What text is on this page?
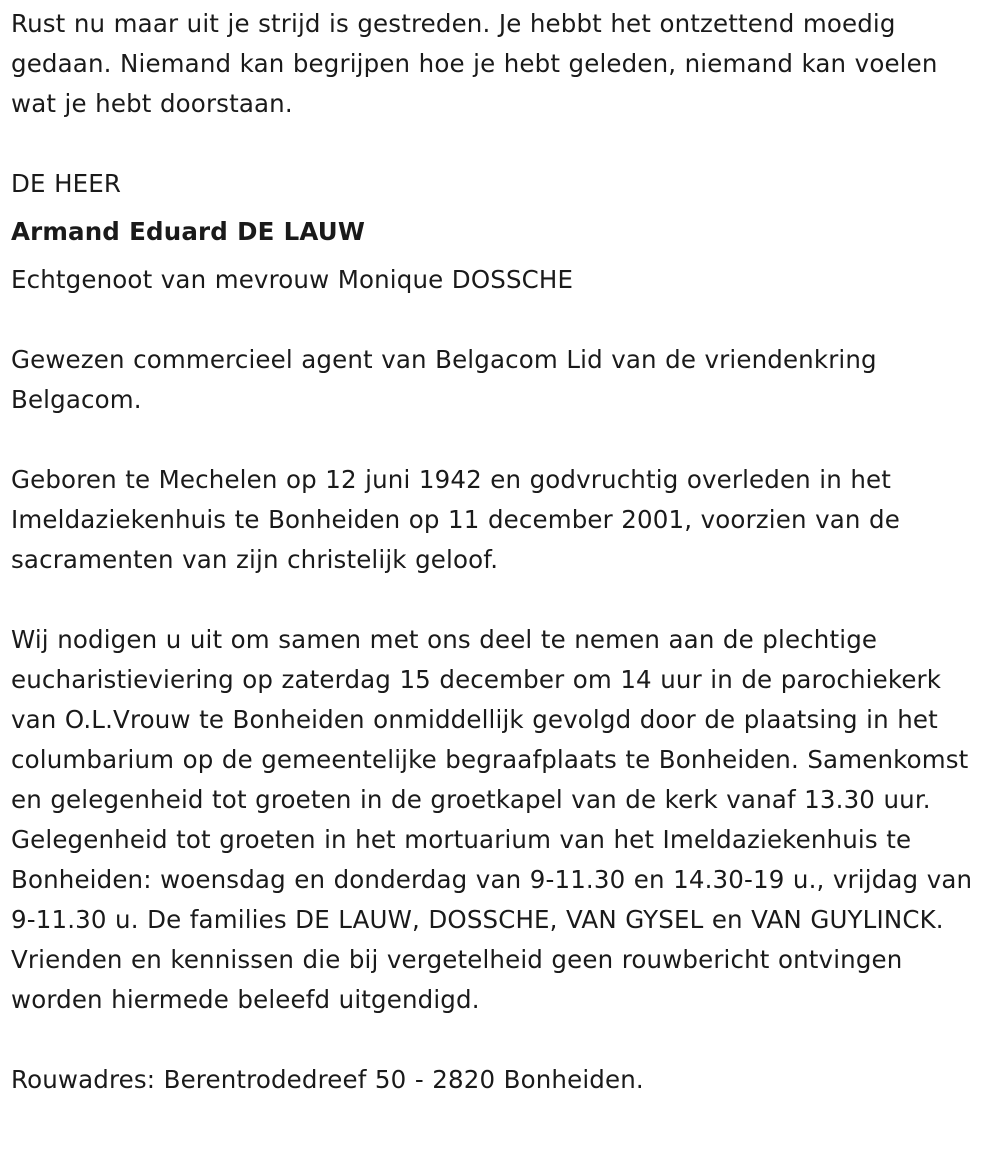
Rust nu maar uit je strijd is gestreden. Je hebbt het ontzettend moedig gedaan. Niemand kan begrijpen hoe je hebt geleden, niemand kan voelen wat je hebt doorstaan.

DE HEER

Armand Eduard DE LAUW

Echtgenoot van mevrouw Monique DOSSCHE

Gewezen commercieel agent van Belgacom Lid van de vriendenkring Belgacom.

Geboren te Mechelen op 12 juni 1942 en godvruchtig overleden in het Imeldaziekenhuis te Bonheiden op 11 december 2001, voorzien van de sacramenten van zijn christelijk geloof.

Wij nodigen u uit om samen met ons deel te nemen aan de plechtige eucharistieviering op zaterdag 15 december om 14 uur in de parochiekerk van O.L.Vrouw te Bonheiden onmiddellijk gevolgd door de plaatsing in het columbarium op de gemeentelijke begraafplaats te Bonheiden. Samenkomst en gelegenheid tot groeten in de groetkapel van de kerk vanaf 13.30 uur. Gelegenheid tot groeten in het mortuarium van het Imeldaziekenhuis te Bonheiden: woensdag en donderdag van 9-11.30 en 14.30-19 u., vrijdag van 9-11.30 u. De families DE LAUW, DOSSCHE, VAN GYSEL en VAN GUYLINCK. Vrienden en kennissen die bij vergetelheid geen rouwbericht ontvingen worden hiermede beleefd uitgendigd.

Rouwadres: Berentrodedreef 50 - 2820 Bonheiden.
